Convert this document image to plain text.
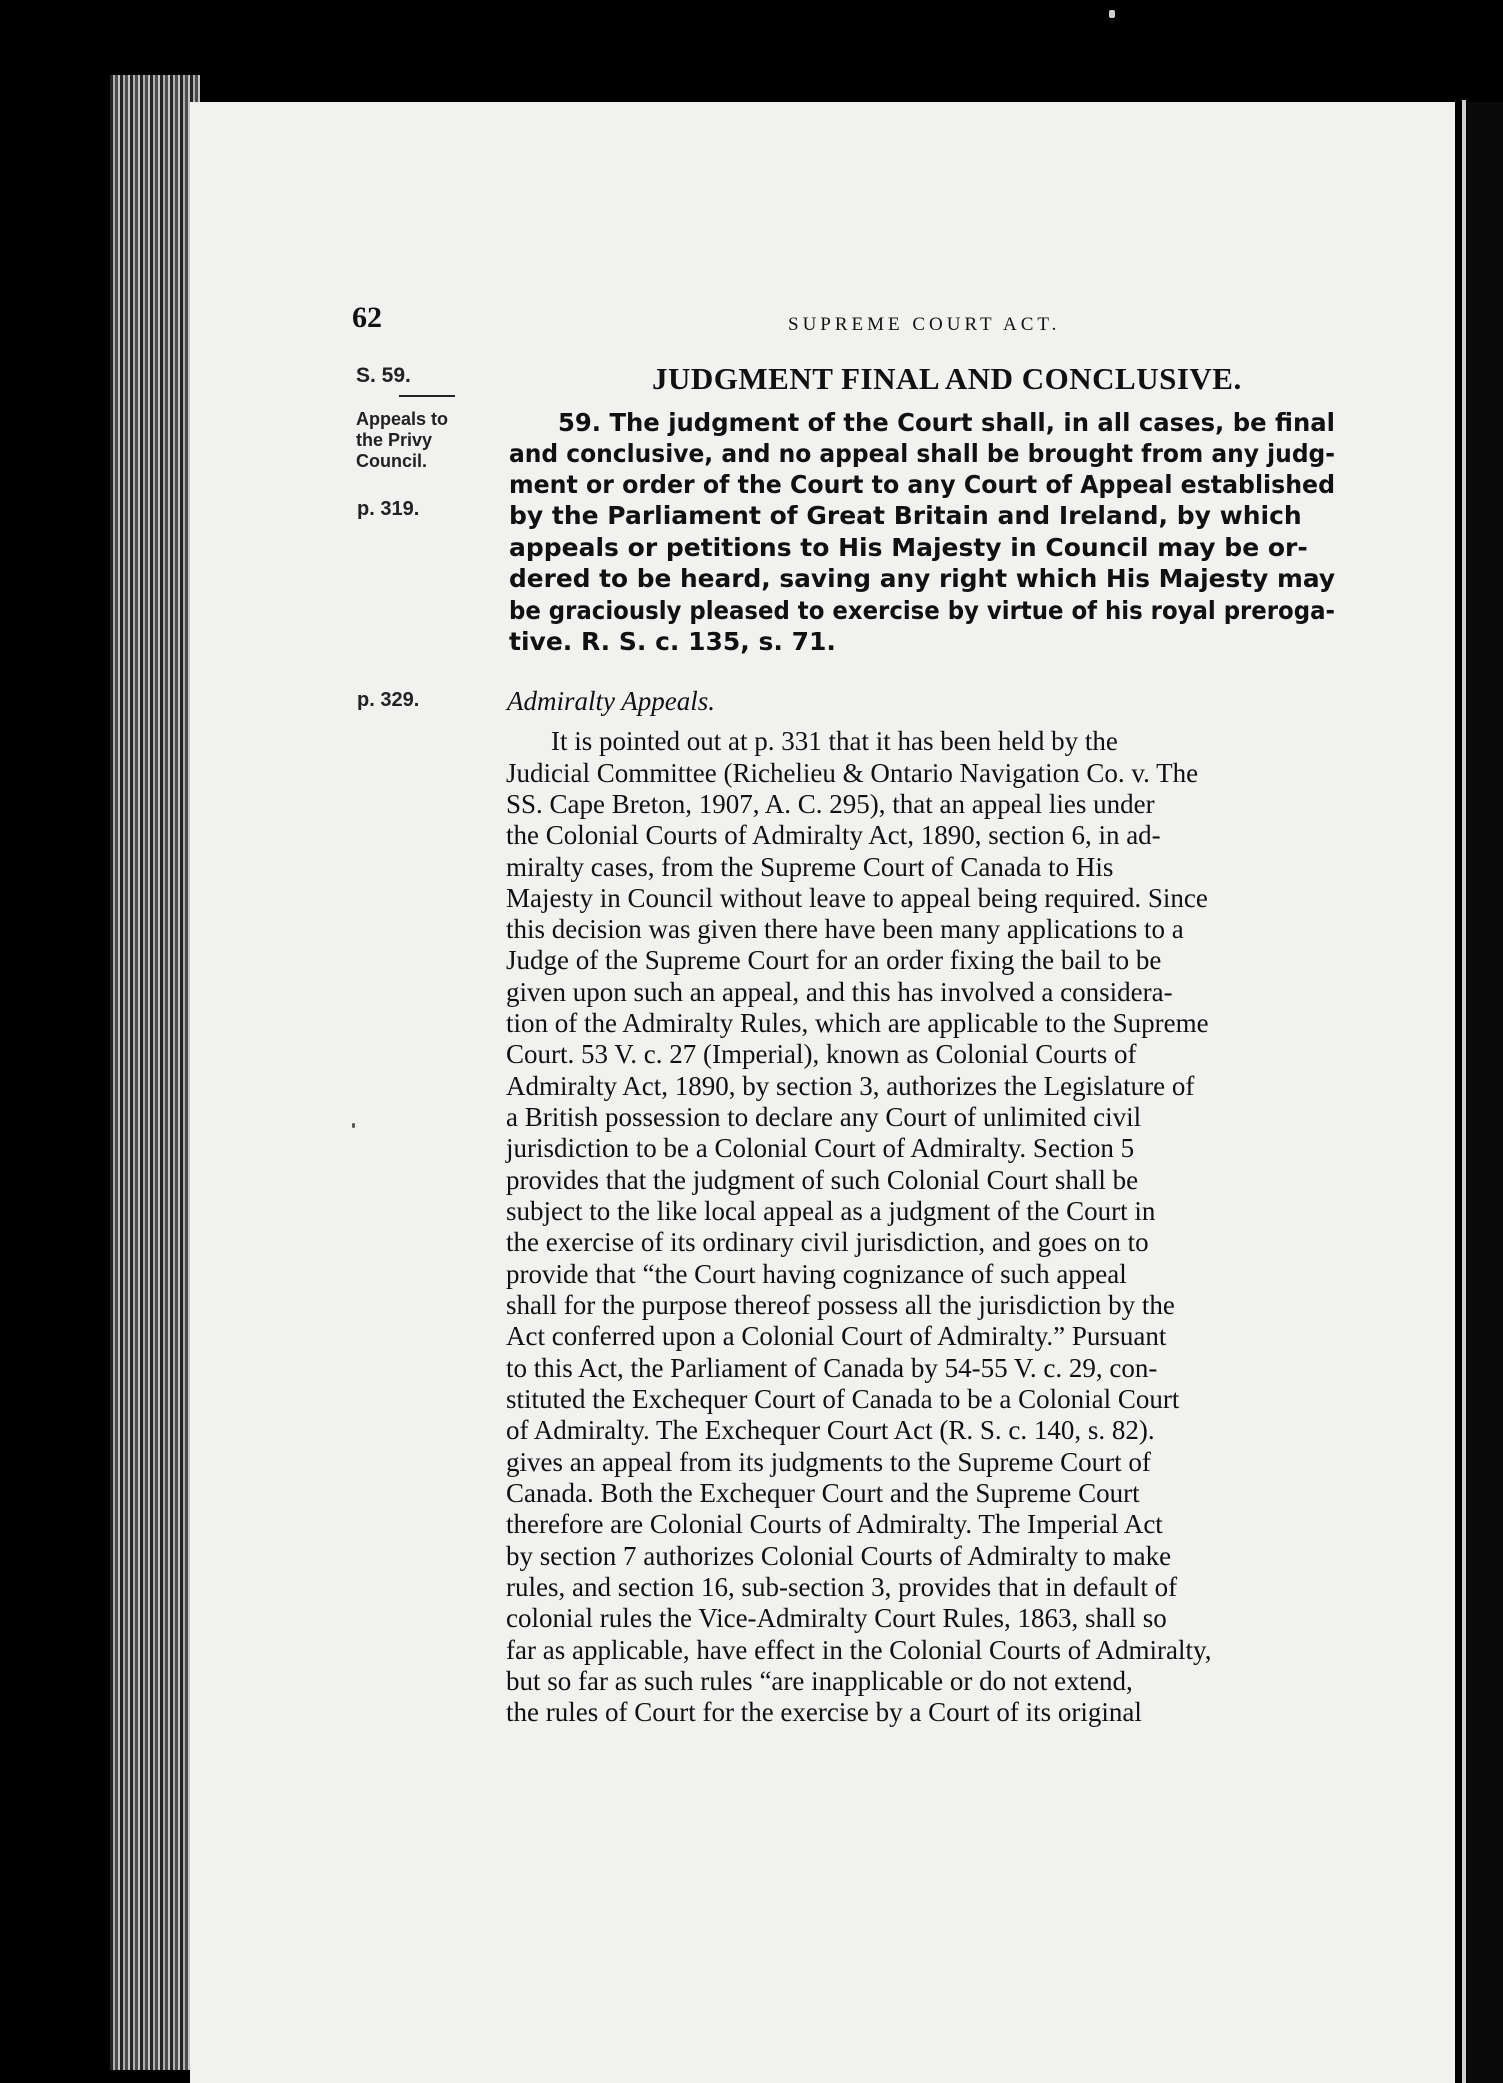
62	SUPREME COURT ACT.
S. 59.
Appeals to
the Privy
Council.
p. 319.
p. 329.
JUDGMENT FINAL AND CONCLUSIVE.
59. The judgment of the Court shall, in all cases, be final
and conclusive, and no appeal shall be brought from any judg-
ment or order of the Court to any Court of Appeal established
by the Parliament of Great Britain and Ireland, by which
appeals or petitions to His Majesty in Council may be or-
dered to be heard, saving any right which His Majesty may
be graciously pleased to exercise by virtue of his royal preroga-
tive. R. S. c. 135, s. 71.
Admiralty Appeals.
It is pointed out at p. 331 that it has been held by the
Judicial Committee (Richelieu & Ontario Navigation Co. v. The
SS. Cape Breton, 1907, A. C. 295), that an appeal lies under
the Colonial Courts of Admiralty Act, 1890, section 6, in ad-
miralty cases, from the Supreme Court of Canada to His
Majesty in Council without leave to appeal being required. Since
this decision was given there have been many applications to a
Judge of the Supreme Court for an order fixing the bail to be
given upon such an appeal, and this has involved a considera-
tion of the Admiralty Rules, which are applicable to the Supreme
Court. 53 V. c. 27 (Imperial), known as Colonial Courts of
Admiralty Act, 1890, by section 3, authorizes the Legislature of
a British possession to declare any Court of unlimited civil
jurisdiction to be a Colonial Court of Admiralty. Section 5
provides that the judgment of such Colonial Court shall be
subject to the like local appeal as a judgment of the Court in
the exercise of its ordinary civil jurisdiction, and goes on to
provide that “the Court having cognizance of such appeal
shall for the purpose thereof possess all the jurisdiction by the
Act conferred upon a Colonial Court of Admiralty.” Pursuant
to this Act, the Parliament of Canada by 54-55 V. c. 29, con-
stituted the Exchequer Court of Canada to be a Colonial Court
of Admiralty. The Exchequer Court Act (R. S. c. 140, s. 82).
gives an appeal from its judgments to the Supreme Court of
Canada. Both the Exchequer Court and the Supreme Court
therefore are Colonial Courts of Admiralty. The Imperial Act
by section 7 authorizes Colonial Courts of Admiralty to make
rules, and section 16, sub-section 3, provides that in default of
colonial rules the Vice-Admiralty Court Rules, 1863, shall so
far as applicable, have effect in the Colonial Courts of Admiralty,
but so far as such rules “are inapplicable or do not extend,
the rules of Court for the exercise by a Court of its original
